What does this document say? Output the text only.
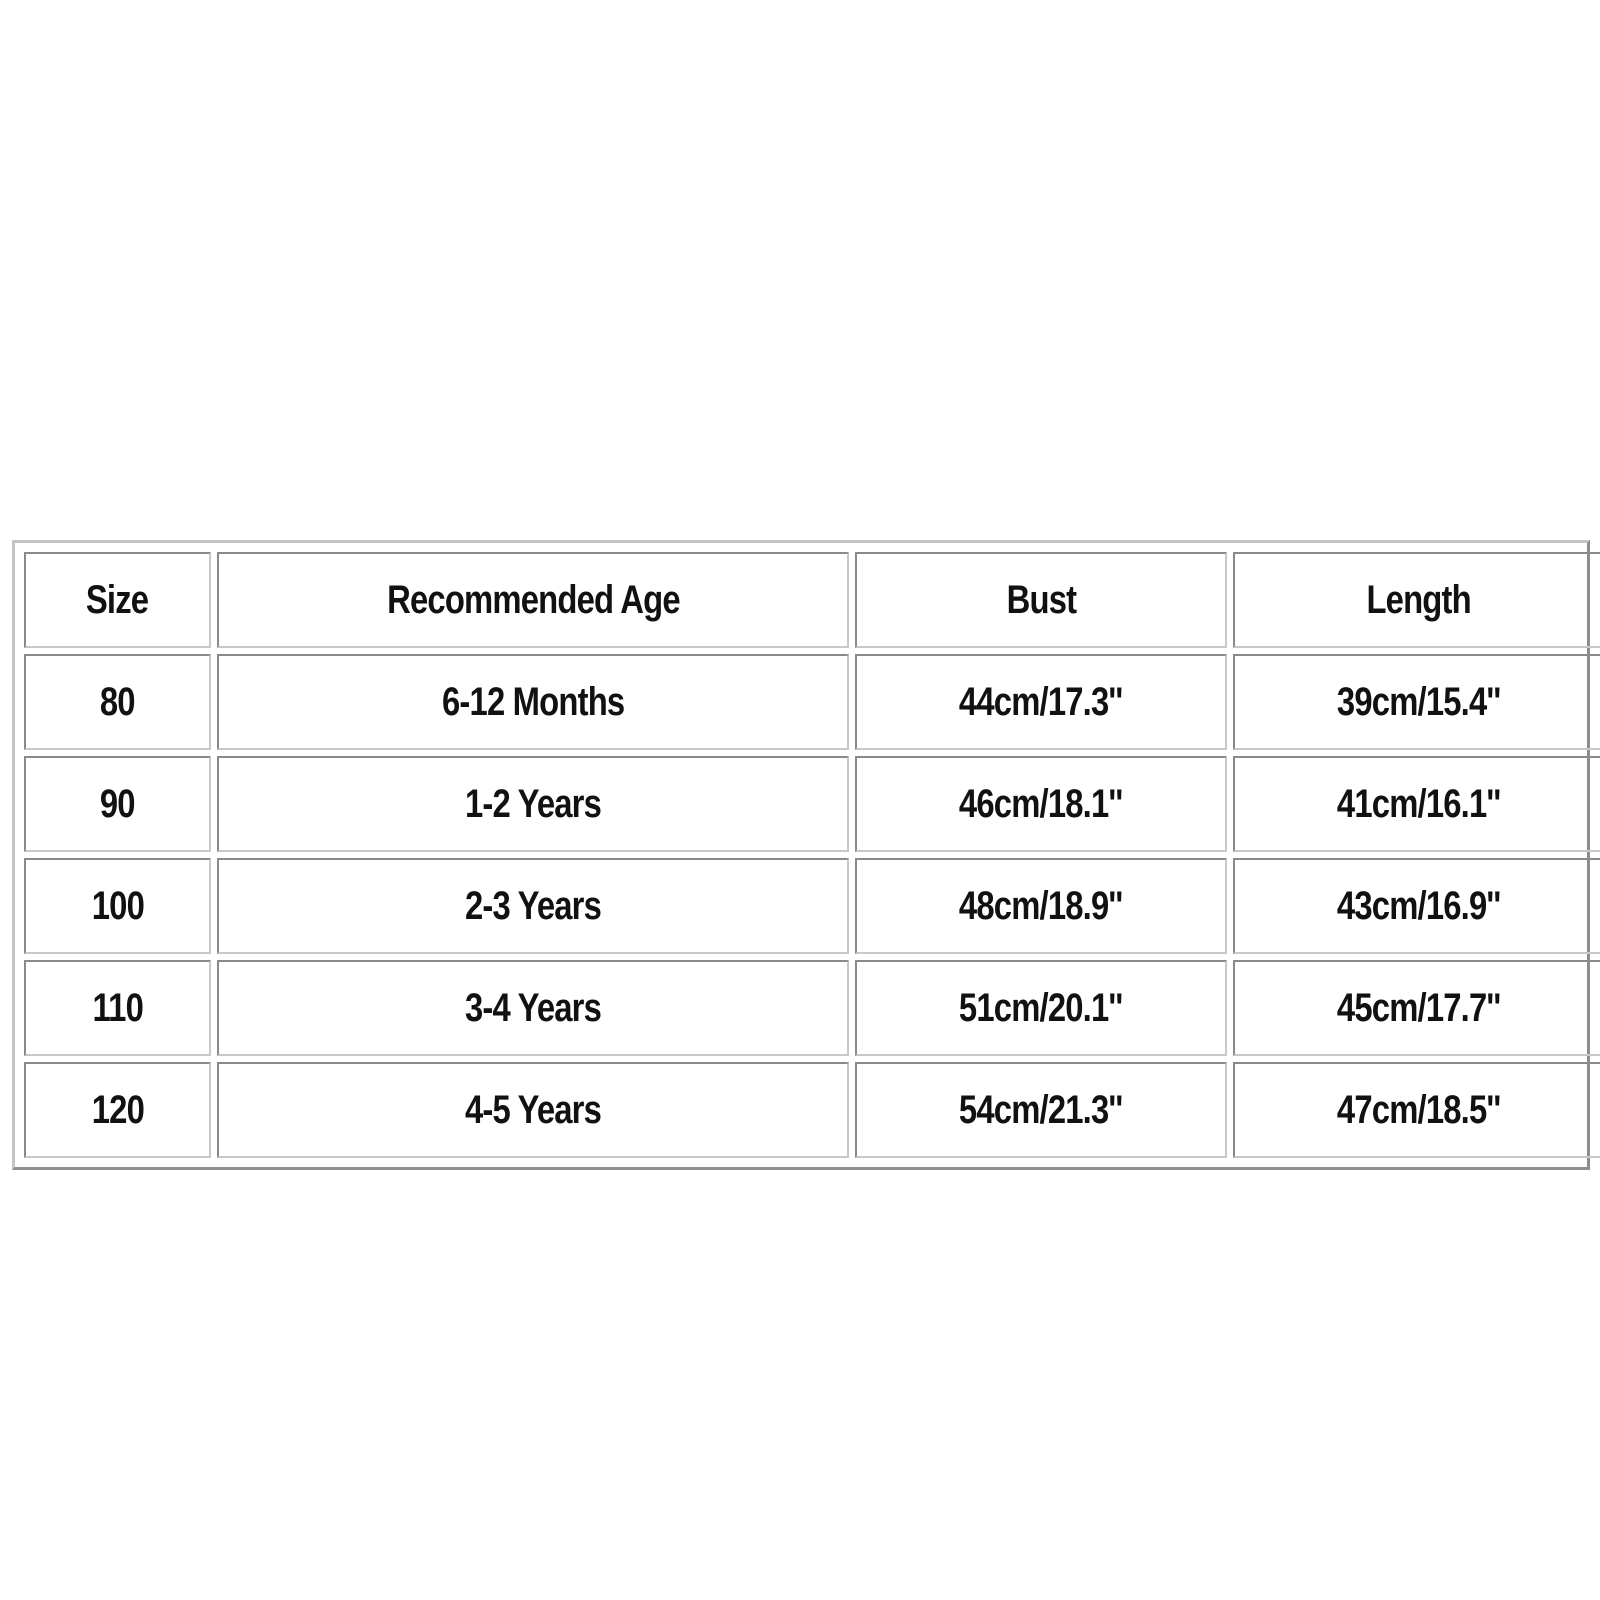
Size	Recommended Age	Bust	Length
80	6-12 Months	44cm/17.3''	39cm/15.4''
90	1-2 Years	46cm/18.1''	41cm/16.1''
100	2-3 Years	48cm/18.9''	43cm/16.9''
110	3-4 Years	51cm/20.1''	45cm/17.7''
120	4-5 Years	54cm/21.3''	47cm/18.5''
